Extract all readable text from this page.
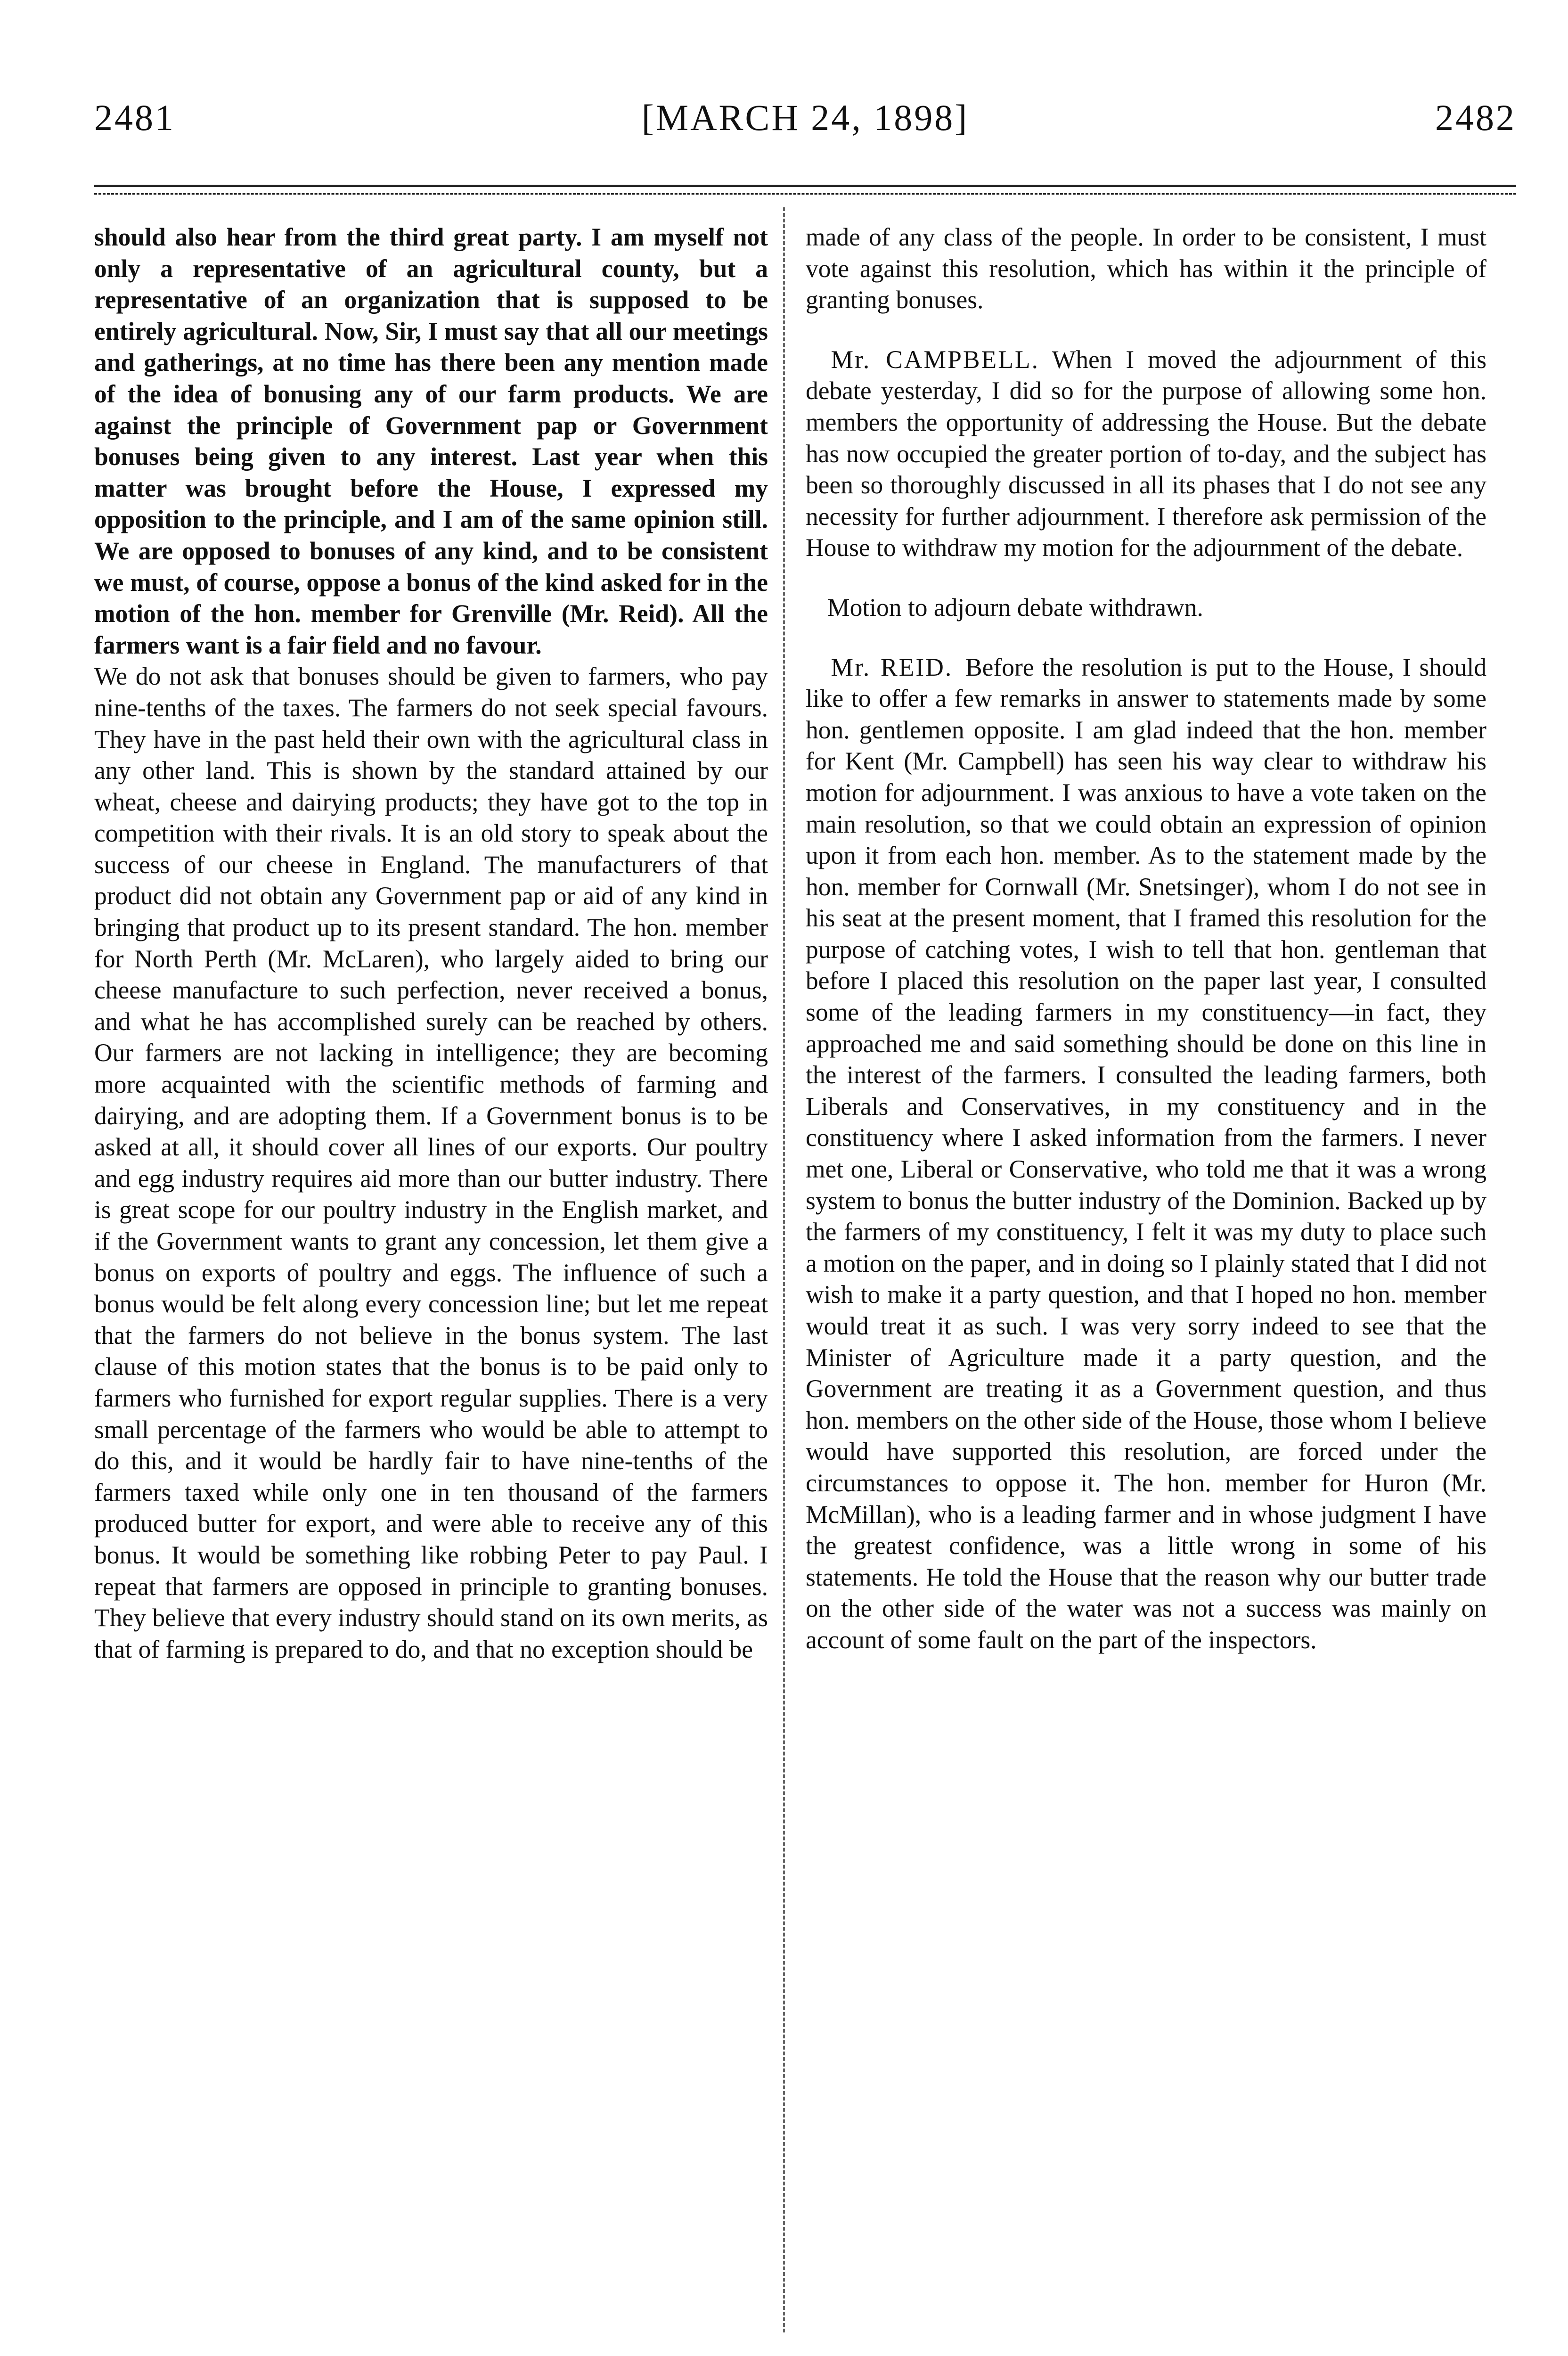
2481	[MARCH 24, 1898]	2482

should also hear from the third great party. I am myself not only a representative of an agricultural county, but a representative of an organization that is supposed to be entirely agricultural. Now, Sir, I must say that all our meetings and gatherings, at no time has there been any mention made of the idea of bonusing any of our farm products. We are against the principle of Government pap or Government bonuses being given to any interest. Last year when this matter was brought before the House, I expressed my opposition to the principle, and I am of the same opinion still. We are opposed to bonuses of any kind, and to be consistent we must, of course, oppose a bonus of the kind asked for in the motion of the hon. member for Grenville (Mr. Reid). All the farmers want is a fair field and no favour.

We do not ask that bonuses should be given to farmers, who pay nine-tenths of the taxes. The farmers do not seek special favours. They have in the past held their own with the agricultural class in any other land. This is shown by the standard attained by our wheat, cheese and dairying products; they have got to the top in competition with their rivals. It is an old story to speak about the success of our cheese in England. The manufacturers of that product did not obtain any Government pap or aid of any kind in bringing that product up to its present standard. The hon. member for North Perth (Mr. McLaren), who largely aided to bring our cheese manufacture to such perfection, never received a bonus, and what he has accomplished surely can be reached by others. Our farmers are not lacking in intelligence; they are becoming more acquainted with the scientific methods of farming and dairying, and are adopting them. If a Government bonus is to be asked at all, it should cover all lines of our exports. Our poultry and egg industry requires aid more than our butter industry. There is great scope for our poultry industry in the English market, and if the Government wants to grant any concession, let them give a bonus on exports of poultry and eggs. The influence of such a bonus would be felt along every concession line; but let me repeat that the farmers do not believe in the bonus system. The last clause of this motion states that the bonus is to be paid only to farmers who furnished for export regular supplies. There is a very small percentage of the farmers who would be able to attempt to do this, and it would be hardly fair to have nine-tenths of the farmers taxed while only one in ten thousand of the farmers produced butter for export, and were able to receive any of this bonus. It would be something like robbing Peter to pay Paul. I repeat that farmers are opposed in principle to granting bonuses. They believe that every industry should stand on its own merits, as that of farming is prepared to do, and that no exception should be

made of any class of the people. In order to be consistent, I must vote against this resolution, which has within it the principle of granting bonuses.

 Mr. CAMPBELL.  When I moved the adjournment of this debate yesterday, I did so for the purpose of allowing some hon. members the opportunity of addressing the House. But the debate has now occupied the greater portion of to-day, and the subject has been so thoroughly discussed in all its phases that I do not see any necessity for further adjournment. I therefore ask permission of the House to withdraw my motion for the adjournment of the debate.

Motion to adjourn debate withdrawn.

 Mr. REID.  Before the resolution is put to the House, I should like to offer a few remarks in answer to statements made by some hon. gentlemen opposite. I am glad indeed that the hon. member for Kent (Mr. Campbell) has seen his way clear to withdraw his motion for adjournment. I was anxious to have a vote taken on the main resolution, so that we could obtain an expression of opinion upon it from each hon. member. As to the statement made by the hon. member for Cornwall (Mr. Snetsinger), whom I do not see in his seat at the present moment, that I framed this resolution for the purpose of catching votes, I wish to tell that hon. gentleman that before I placed this resolution on the paper last year, I consulted some of the leading farmers in my constituency—in fact, they approached me and said something should be done on this line in the interest of the farmers. I consulted the leading farmers, both Liberals and Conservatives, in my constituency and in the constituency where I asked information from the farmers. I never met one, Liberal or Conservative, who told me that it was a wrong system to bonus the butter industry of the Dominion. Backed up by the farmers of my constituency, I felt it was my duty to place such a motion on the paper, and in doing so I plainly stated that I did not wish to make it a party question, and that I hoped no hon. member would treat it as such. I was very sorry indeed to see that the Minister of Agriculture made it a party question, and the Government are treating it as a Government question, and thus hon. members on the other side of the House, those whom I believe would have supported this resolution, are forced under the circumstances to oppose it. The hon. member for Huron (Mr. McMillan), who is a leading farmer and in whose judgment I have the greatest confidence, was a little wrong in some of his statements. He told the House that the reason why our butter trade on the other side of the water was not a success was mainly on account of some fault on the part of the inspectors.
